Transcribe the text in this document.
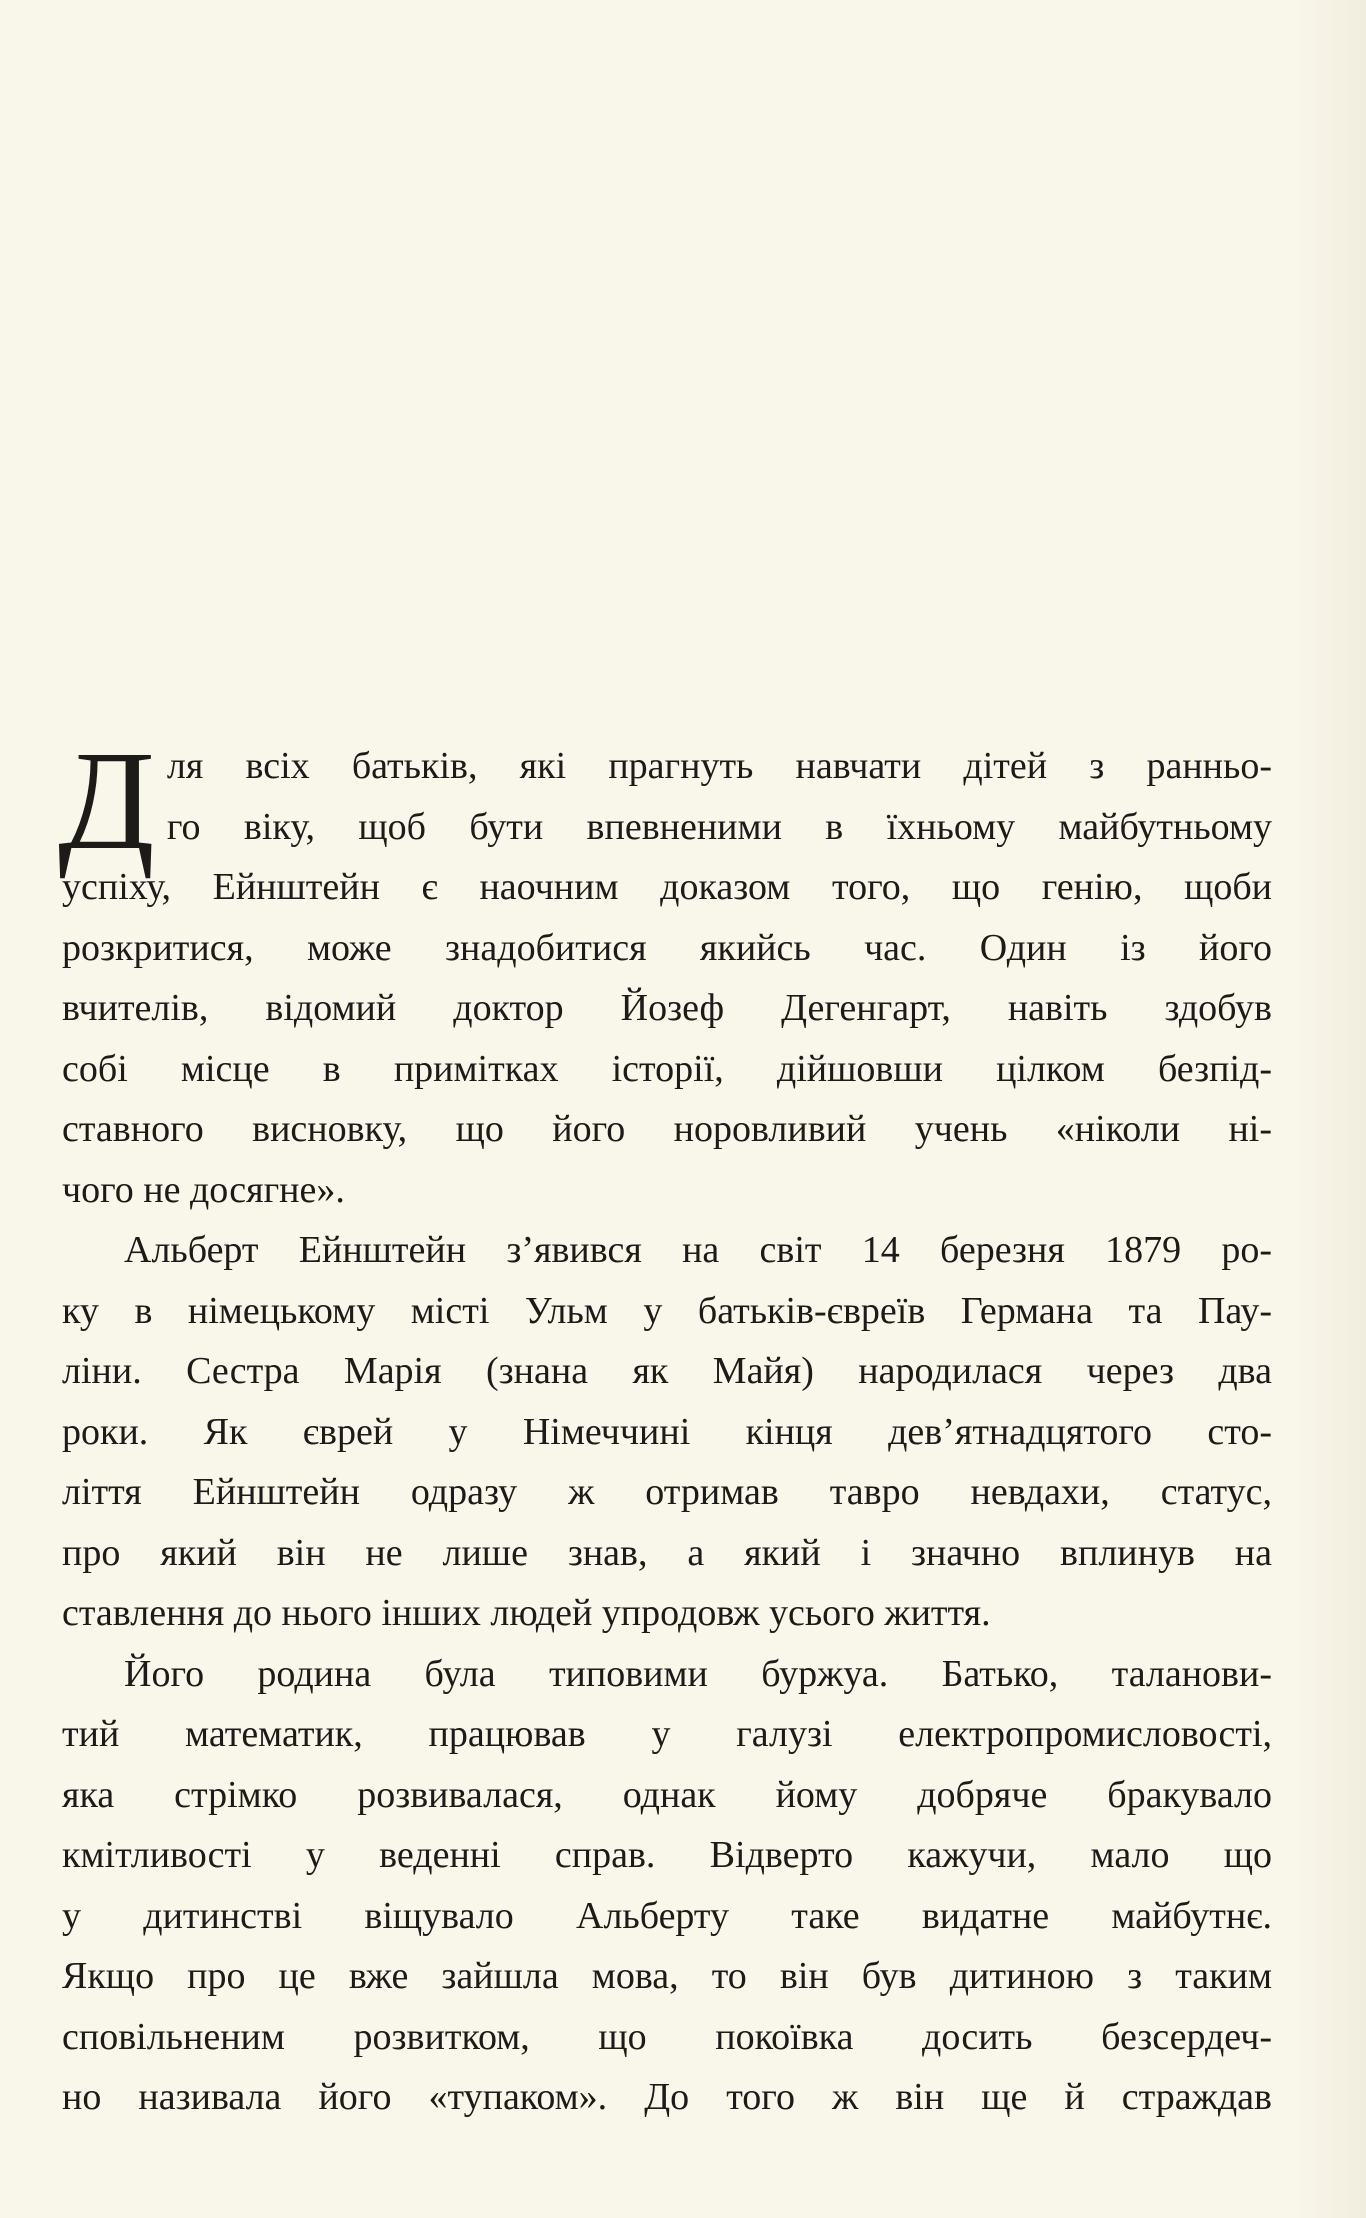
Д ля всіх батьків, які прагнуть навчати дітей з ранньо-

го віку, щоб бути впевненими в їхньому майбутньому

успіху, Ейнштейн є наочним доказом того, що генію, щоби

розкритися, може знадобитися якийсь час. Один із його

вчителів, відомий доктор Йозеф Дегенгарт, навіть здобув

собі місце в примітках історії, дійшовши цілком безпід-

ставного висновку, що його норовливий учень «ніколи ні-

чого не досягне».

Альберт Ейнштейн з’явився на світ 14 березня 1879 ро-

ку в німецькому місті Ульм у батьків-євреїв Германа та Пау-

ліни. Сестра Марія (знана як Майя) народилася через два

роки. Як єврей у Німеччині кінця дев’ятнадцятого сто-

ліття Ейнштейн одразу ж отримав тавро невдахи, статус,

про який він не лише знав, а який і значно вплинув на

ставлення до нього інших людей упродовж усього життя.

Його родина була типовими буржуа. Батько, таланови-

тий математик, працював у галузі електропромисловості,

яка стрімко розвивалася, однак йому добряче бракувало

кмітливості у веденні справ. Відверто кажучи, мало що

у дитинстві віщувало Альберту таке видатне майбутнє.

Якщо про це вже зайшла мова, то він був дитиною з таким

сповільненим розвитком, що покоївка досить безсердеч-

но називала його «тупаком». До того ж він ще й страждав
